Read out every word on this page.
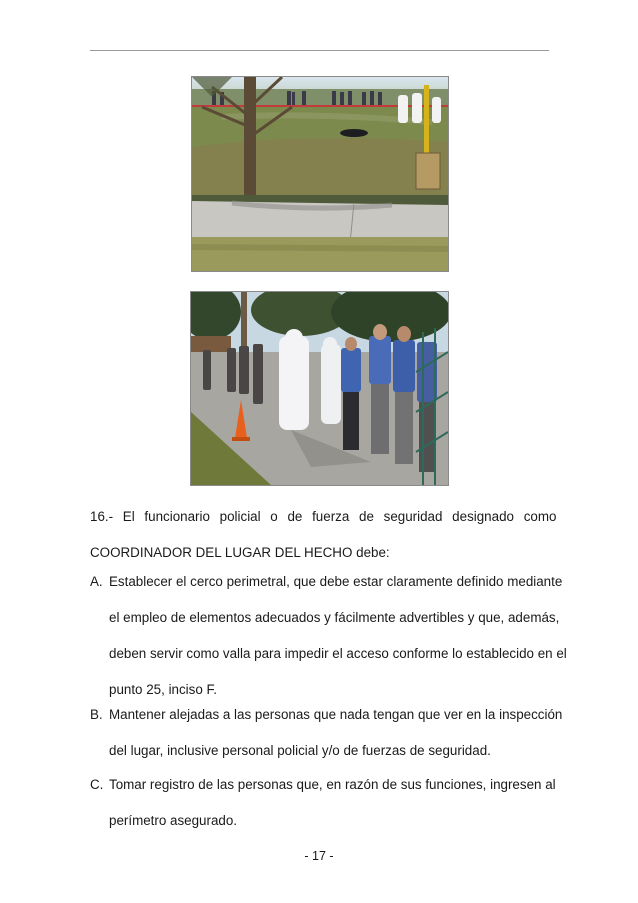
16.- El funcionario policial o de fuerza de seguridad designado como
COORDINADOR DEL LUGAR DEL HECHO debe:
A. Establecer el cerco perimetral, que debe estar claramente definido mediante
el empleo de elementos adecuados y fácilmente advertibles y que, además,
deben servir como valla para impedir el acceso conforme lo establecido en el
punto 25, inciso F.
B. Mantener alejadas a las personas que nada tengan que ver en la inspección
del lugar, inclusive personal policial y/o de fuerzas de seguridad.
C. Tomar registro de las personas que, en razón de sus funciones, ingresen al
perímetro asegurado.
- 17 -
